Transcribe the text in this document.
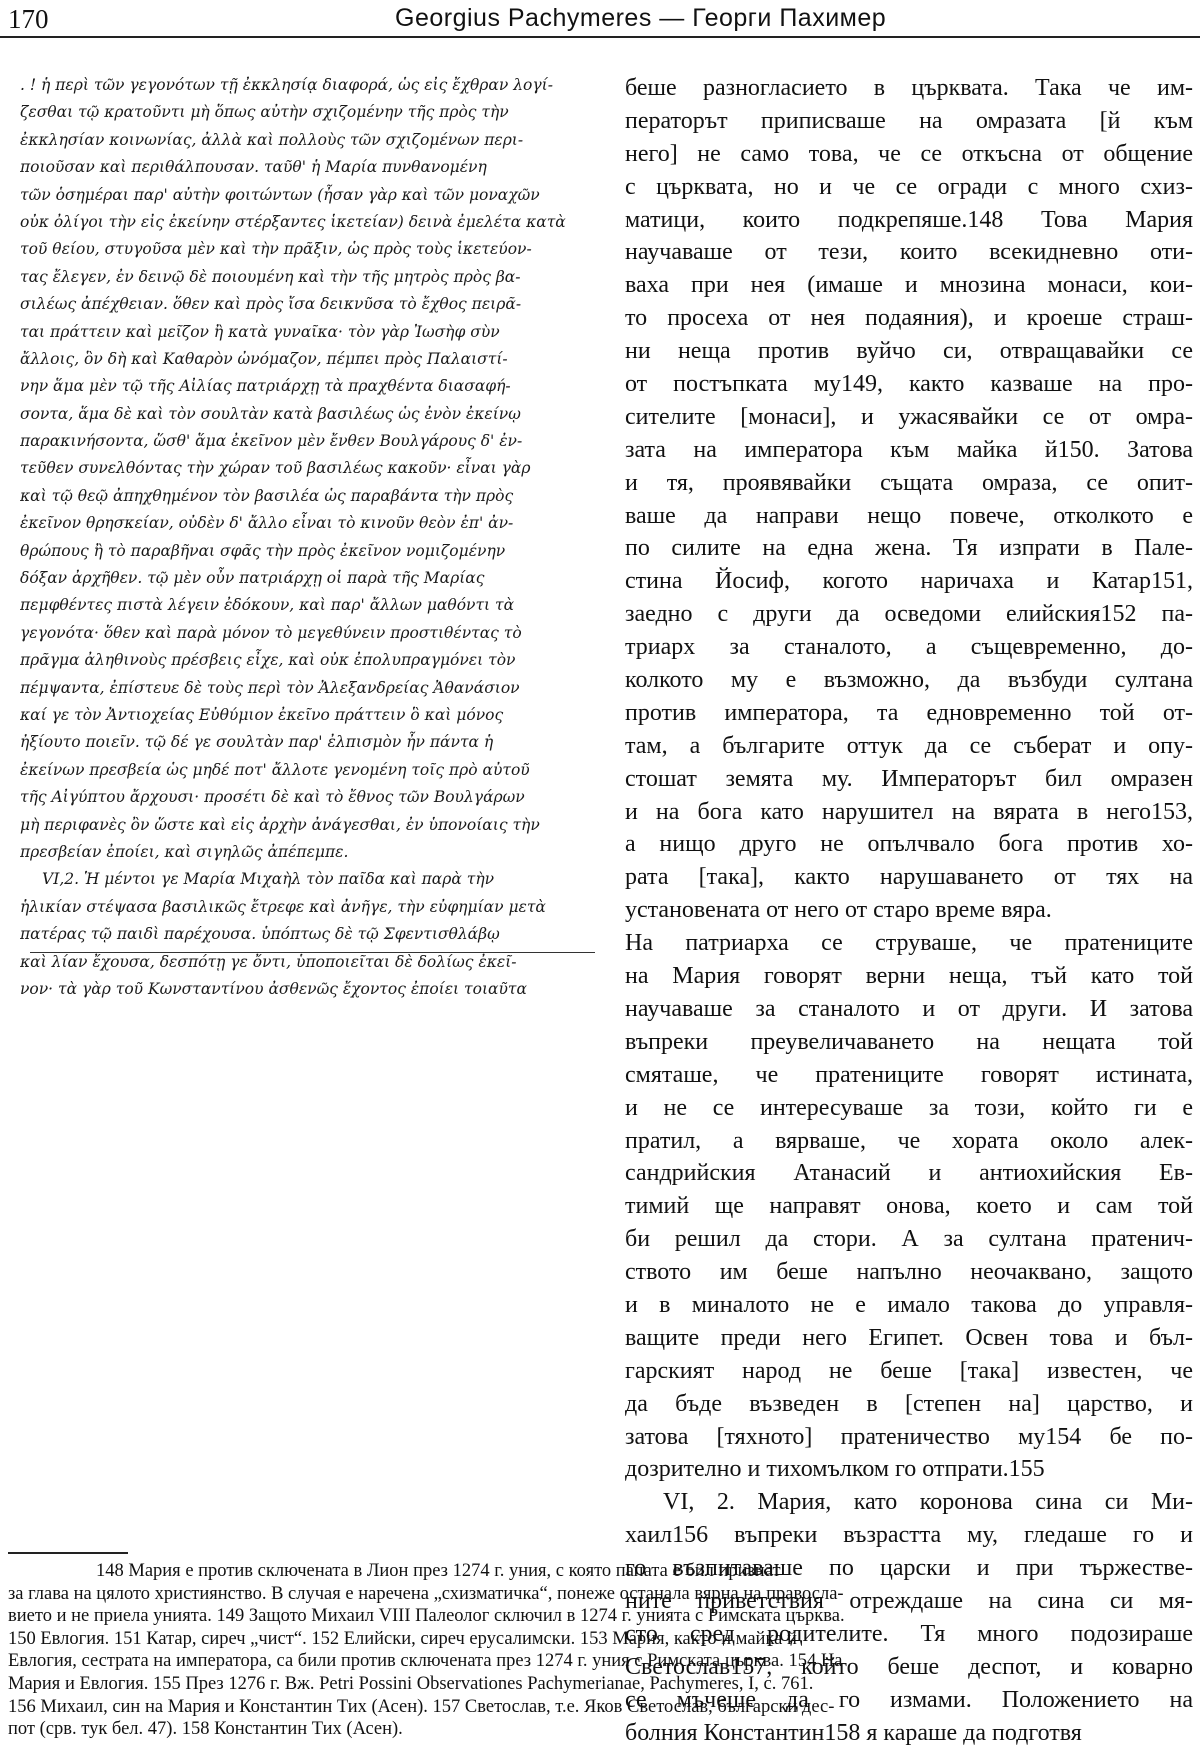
170	Georgius Pachymeres — Георги Пахимер
. ! ἡ περὶ τῶν γεγονότων τῇ ἐκκλησίᾳ διαφορά, ὡς εἰς ἔχθραν λογί-
ζεσθαι τῷ κρατοῦντι μὴ ὅπως αὐτὴν σχιζομένην τῆς πρὸς τὴν
ἐκκλησίαν κοινωνίας, ἀλλὰ καὶ πολλοὺς τῶν σχιζομένων περι-
ποιοῦσαν καὶ περιθάλπουσαν. ταῦθ' ἡ Μαρία πυνθανομένη
τῶν ὁσημέραι παρ' αὐτὴν φοιτώντων (ἦσαν γὰρ καὶ τῶν μοναχῶν
οὐκ ὀλίγοι τὴν εἰς ἐκείνην στέρξαντες ἱκετείαν) δεινὰ ἐμελέτα κατὰ
τοῦ θείου, στυγοῦσα μὲν καὶ τὴν πρᾶξιν, ὡς πρὸς τοὺς ἱκετεύον-
τας ἔλεγεν, ἐν δεινῷ δὲ ποιουμένη καὶ τὴν τῆς μητρὸς πρὸς βα-
σιλέως ἀπέχθειαν. ὅθεν καὶ πρὸς ἴσα δεικνῦσα τὸ ἔχθος πειρᾶ-
ται πράττειν καὶ μεῖζον ἢ κατὰ γυναῖκα· τὸν γὰρ Ἰωσὴφ σὺν
ἄλλοις, ὃν δὴ καὶ Καθαρὸν ὠνόμαζον, πέμπει πρὸς Παλαιστί-
νην ἅμα μὲν τῷ τῆς Αἰλίας πατριάρχῃ τὰ πραχθέντα διασαφή-
σοντα, ἅμα δὲ καὶ τὸν σουλτὰν κατὰ βασιλέως ὡς ἐνὸν ἐκείνῳ
παρακινήσοντα, ὥσθ' ἅμα ἐκεῖνον μὲν ἔνθεν Βουλγάρους δ' ἐν-
τεῦθεν συνελθόντας τὴν χώραν τοῦ βασιλέως κακοῦν· εἶναι γὰρ
καὶ τῷ θεῷ ἀπηχθημένον τὸν βασιλέα ὡς παραβάντα τὴν πρὸς
ἐκεῖνον θρησκείαν, οὐδὲν δ' ἄλλο εἶναι τὸ κινοῦν θεὸν ἐπ' ἀν-
θρώπους ἢ τὸ παραβῆναι σφᾶς τὴν πρὸς ἐκεῖνον νομιζομένην
δόξαν ἀρχῆθεν. τῷ μὲν οὖν πατριάρχῃ οἱ παρὰ τῆς Μαρίας
πεμφθέντες πιστὰ λέγειν ἐδόκουν, καὶ παρ' ἄλλων μαθόντι τὰ
γεγονότα· ὅθεν καὶ παρὰ μόνον τὸ μεγεθύνειν προστιθέντας τὸ
πρᾶγμα ἀληθινοὺς πρέσβεις εἶχε, καὶ οὐκ ἐπολυπραγμόνει τὸν
πέμψαντα, ἐπίστευε δὲ τοὺς περὶ τὸν Ἀλεξανδρείας Ἀθανάσιον
καί γε τὸν Ἀντιοχείας Εὐθύμιον ἐκεῖνο πράττειν ὃ καὶ μόνος
ἠξίουτο ποιεῖν. τῷ δέ γε σουλτὰν παρ' ἐλπισμὸν ἦν πάντα ἡ
ἐκείνων πρεσβεία ὡς μηδέ ποτ' ἄλλοτε γενομένη τοῖς πρὸ αὐτοῦ
τῆς Αἰγύπτου ἄρχουσι· προσέτι δὲ καὶ τὸ ἔθνος τῶν Βουλγάρων
μὴ περιφανὲς ὂν ὥστε καὶ εἰς ἀρχὴν ἀνάγεσθαι, ἐν ὑπονοίαις τὴν
πρεσβείαν ἐποίει, καὶ σιγηλῶς ἀπέπεμπε.
VI,2. Ἡ μέντοι γε Μαρία Μιχαὴλ τὸν παῖδα καὶ παρὰ τὴν
ἡλικίαν στέψασα βασιλικῶς ἔτρεφε καὶ ἀνῆγε, τὴν εὐφημίαν μετὰ
πατέρας τῷ παιδὶ παρέχουσα. ὑπόπτως δὲ τῷ Σφεντισθλάβῳ
καὶ λίαν ἔχουσα, δεσπότῃ γε ὄντι, ὑποποιεῖται δὲ δολίως ἐκεῖ-
νον· τὰ γὰρ τοῦ Κωνσταντίνου ἀσθενῶς ἔχοντος ἐποίει τοιαῦτα
беше разногласието в църквата. Така че им-
ператорът приписваше на омразата [й към
него] не само това, че се откъсна от общение
с църквата, но и че се огради с много схиз-
матици, които подкрепяше.148 Това Мария
научаваше от тези, които всекидневно оти-
ваха при нея (имаше и мнозина монаси, кои-
то просеха от нея подаяния), и кроеше страш-
ни неща против вуйчо си, отвращавайки се
от постъпката му149, както казваше на про-
сителите [монаси], и ужасявайки се от омра-
зата на императора към майка й150. Затова
и тя, проявявайки същата омраза, се опит-
ваше да направи нещо повече, отколкото е
по силите на една жена. Тя изпрати в Пале-
стина Йосиф, когото наричаха и Катар151,
заедно с други да осведоми елийския152 па-
триарх за станалото, а същевременно, до-
колкото му е възможно, да възбуди султана
против императора, та едновременно той от-
там, а българите оттук да се съберат и опу-
стошат земята му. Императорът бил омразен
и на бога като нарушител на вярата в него153,
а нищо друго не опълчвало бога против хо-
рата [така], както нарушаването от тях на
установената от него от старо време вяра.
На патриарха се струваше, че пратениците
на Мария говорят верни неща, тъй като той
научаваше за станалото и от други. И затова
въпреки преувеличаването на нещата той
смяташе, че пратениците говорят истината,
и не се интересуваше за този, който ги е
пратил, а вярваше, че хората около алек-
сандрийския Атанасий и антиохийския Ев-
тимий ще направят онова, което и сам той
би решил да стори. А за султана пратенич-
ството им беше напълно неочаквано, защото
и в миналото не е имало такова до управля-
ващите преди него Египет. Освен това и бъл-
гарският народ не беше [така] известен, че
да бъде възведен в [степен на] царство, и
затова [тяхното] пратеничество му154 бе по-
дозрително и тихомълком го отпрати.155
VI, 2. Мария, като коронова сина си Ми-
хаил156 въпреки възрастта му, гледаше го и
го възпитаваше по царски и при тържестве-
ните приветствия отреждаше на сина си мя-
сто сред родителите. Тя много подозираше
Светослав157, който беше деспот, и коварно
се мъчеше да го измами. Положението на
болния Константин158 я караше да подготвя
148 Мария е против сключената в Лион през 1274 г. уния, с която папата е бил признат
за глава на цялото християнство. В случая е наречена „схизматичка“, понеже останала вярна на правосла-
вието и не приела унията. 149 Защото Михаил VIII Палеолог сключил в 1274 г. унията с Римската църква.
150 Евлогия. 151 Катар, сиреч „чист“. 152 Елийски, сиреч ерусалимски. 153 Мария, както и майка й
Евлогия, сестрата на императора, са били против сключената през 1274 г. уния с Римската църква. 154 На
Мария и Евлогия. 155 През 1276 г. Вж. Petri Possini Observationes Pachymerianae, Pachymeres, I, с. 761.
156 Михаил, син на Мария и Константин Тих (Асен). 157 Светослав, т.е. Яков Светослав, български дес-
пот (срв. тук бел. 47). 158 Константин Тих (Асен).
